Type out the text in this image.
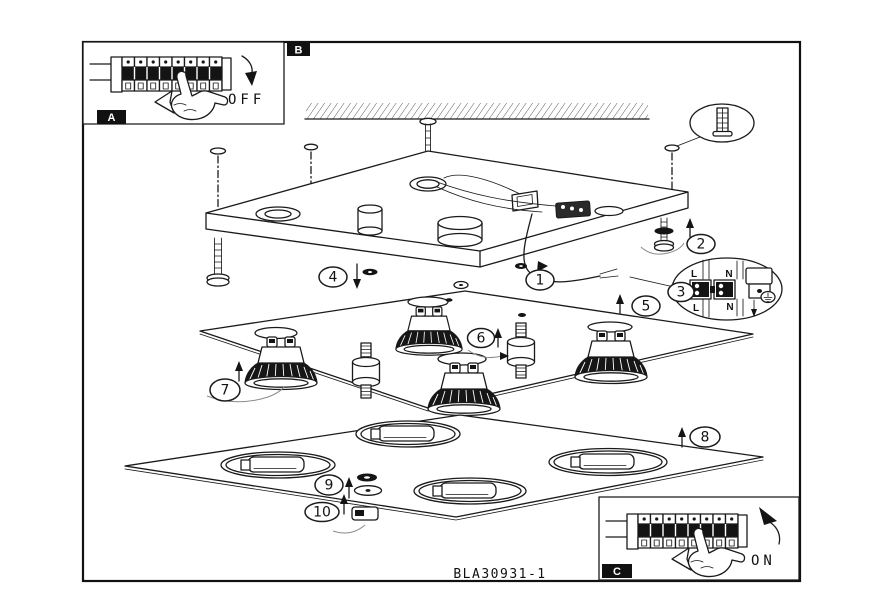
L	N
L	N
1
2
3
4
5
6
7
8
9
10
OFF
A
B
ON
C
BLA30931-1
